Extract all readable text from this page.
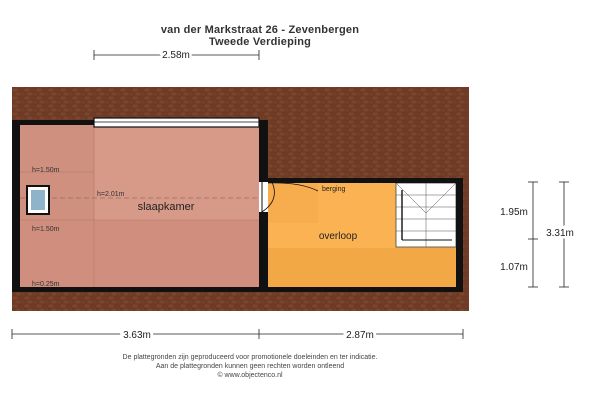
van der Markstraat 26 - Zevenbergen
Tweede Verdieping
2.58m
h=1.50m
h=2.01m
h=1.50m
h=0.25m
slaapkamer
overloop
berging
3.63m	2.87m
1.95m
1.07m
3.31m
De plattegronden zijn geproduceerd voor promotionele doeleinden en ter indicatie.
Aan de plattegronden kunnen geen rechten worden ontleend
© www.objectenco.nl
